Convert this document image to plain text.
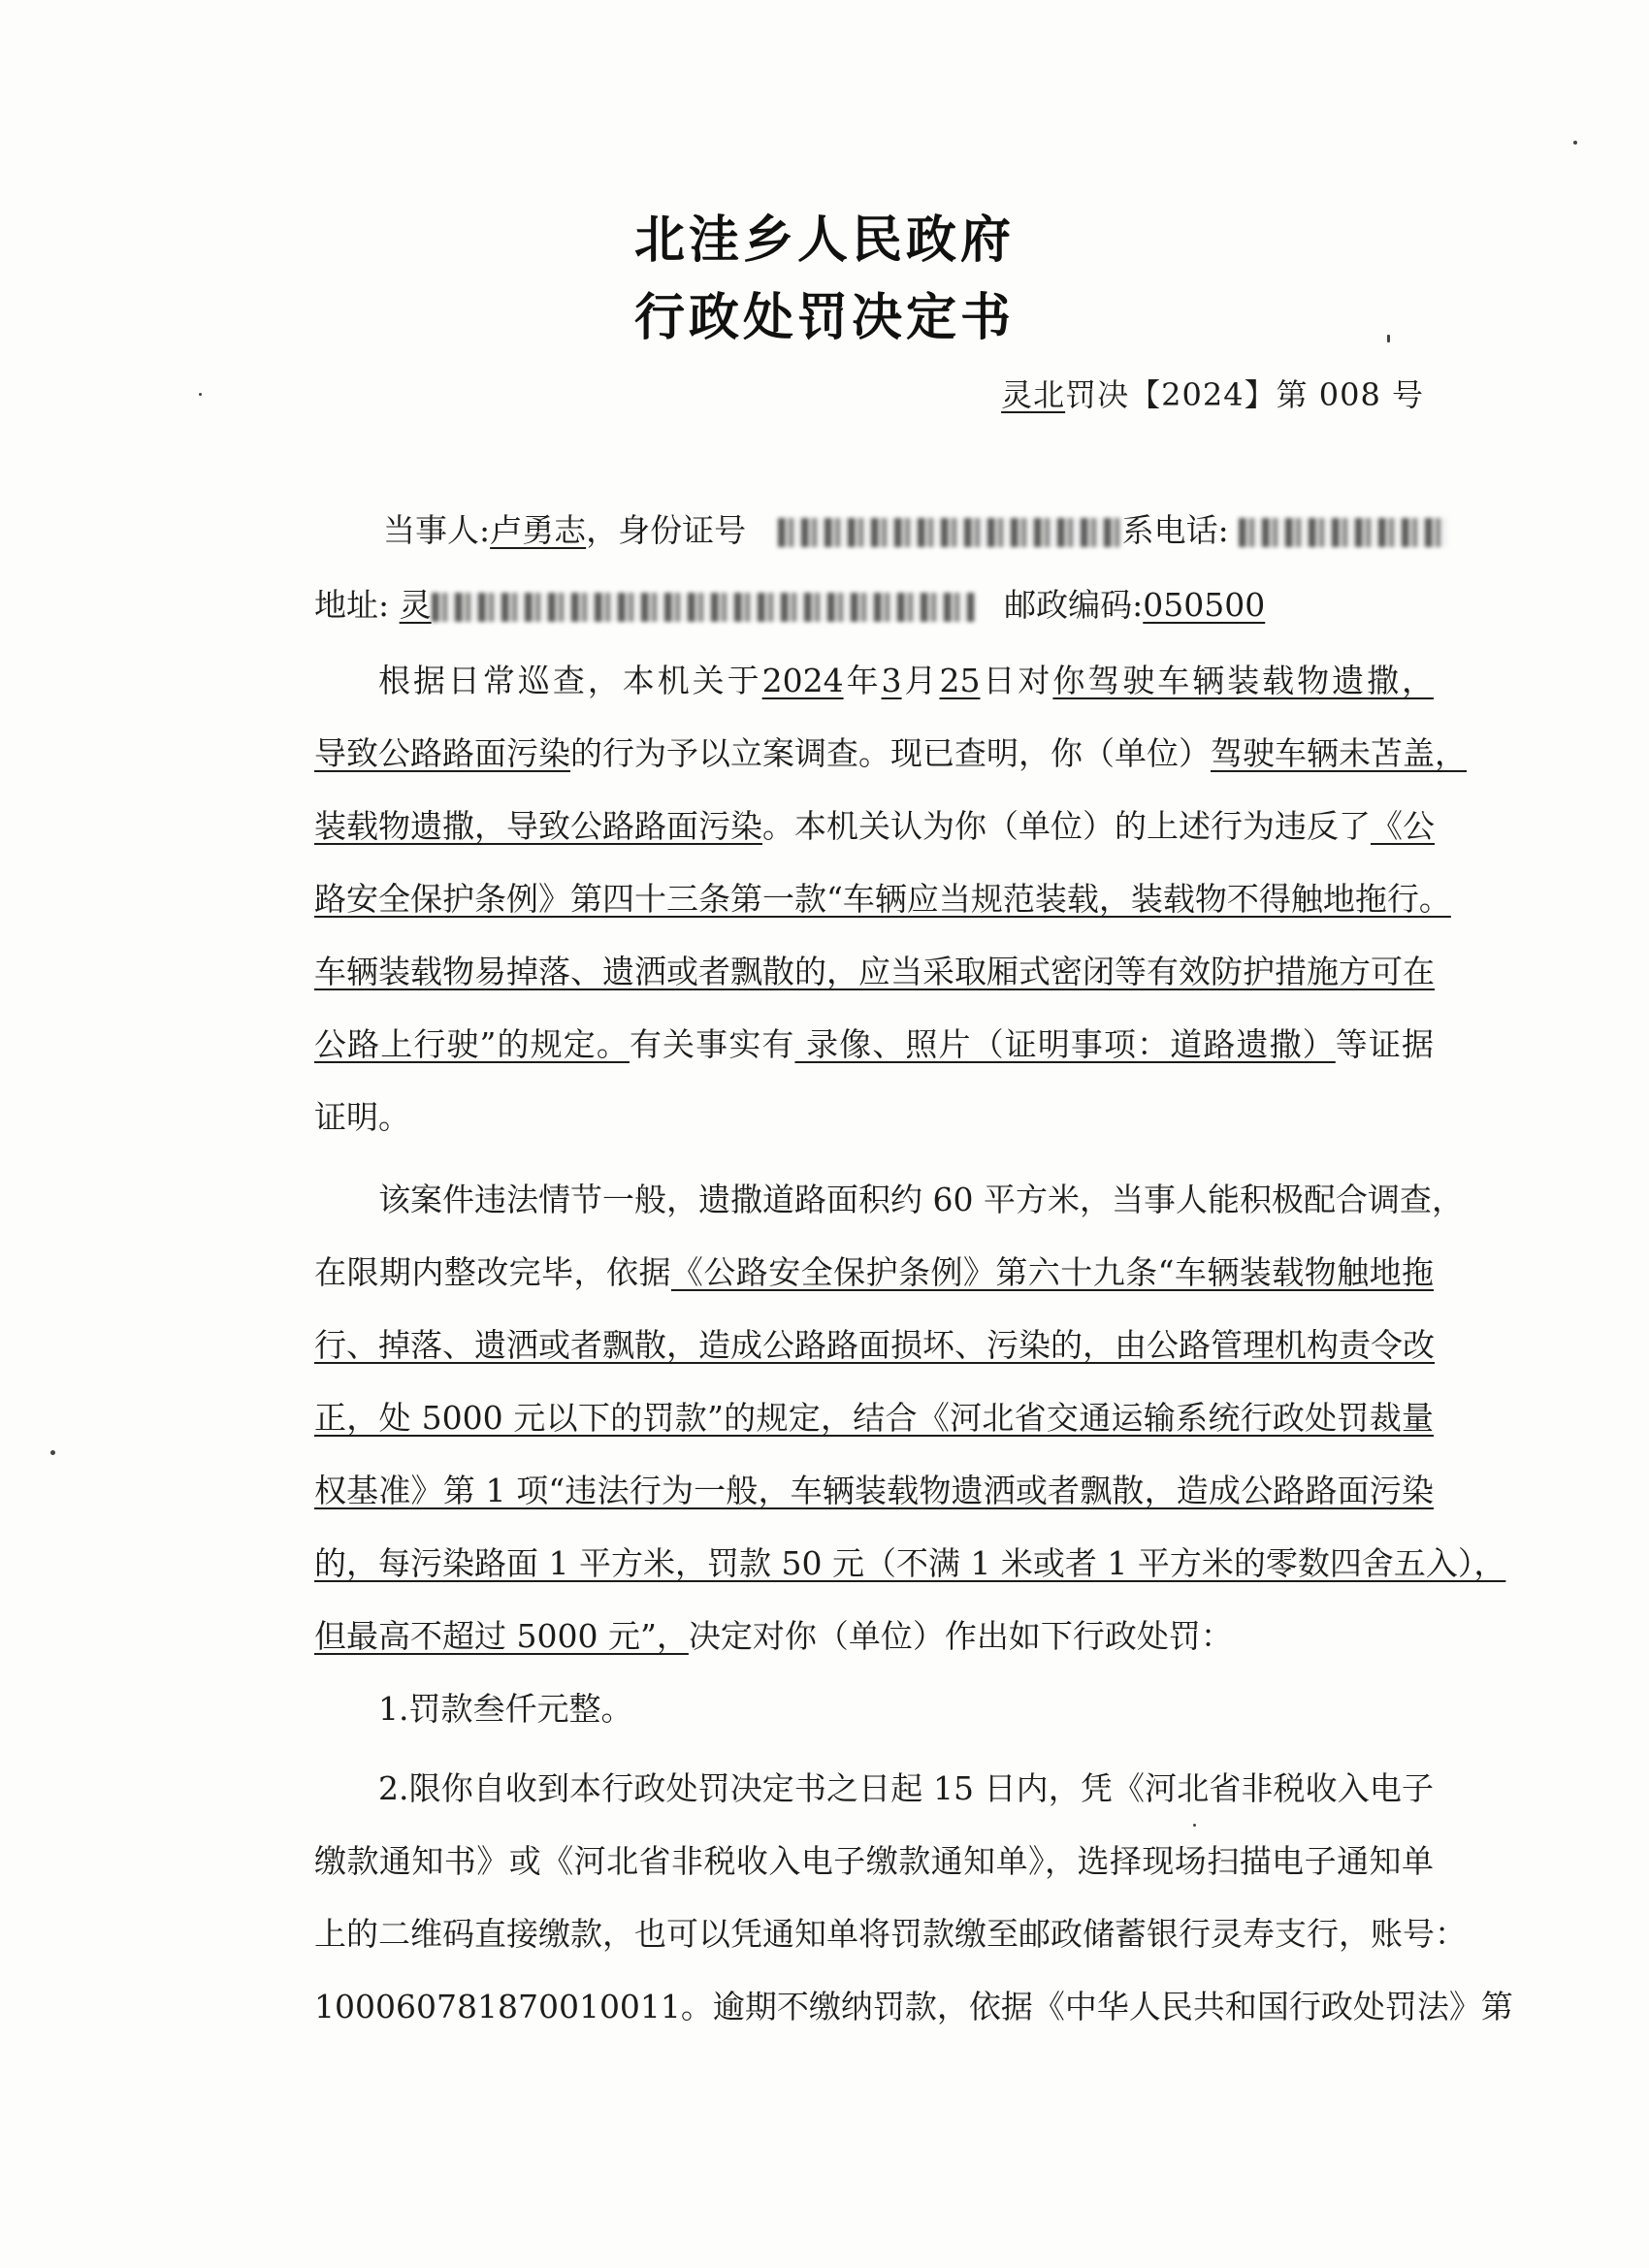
北洼乡人民政府
行政处罚决定书
灵北罚决【2024】第 008 号
当事人:卢勇志，身份证号	系电话:
地址: 灵	邮政编码:050500
根据日常巡查，本机关于2024年3月25日对你驾驶车辆装载物遗撒，
导致公路路面污染的行为予以立案调查。现已查明，你（单位）驾驶车辆未苫盖，
装载物遗撒，导致公路路面污染。本机关认为你（单位）的上述行为违反了《公
路安全保护条例》第四十三条第一款“车辆应当规范装载，装载物不得触地拖行。
车辆装载物易掉落、遗洒或者飘散的，应当采取厢式密闭等有效防护措施方可在
公路上行驶”的规定。有关事实有 录像、照片（证明事项：道路遗撒）等证据
证明。
该案件违法情节一般，遗撒道路面积约 60 平方米，当事人能积极配合调查，
在限期内整改完毕，依据《公路安全保护条例》第六十九条“车辆装载物触地拖
行、掉落、遗洒或者飘散，造成公路路面损坏、污染的，由公路管理机构责令改
正，处 5000 元以下的罚款”的规定，结合《河北省交通运输系统行政处罚裁量
权基准》第 1 项“违法行为一般，车辆装载物遗洒或者飘散，造成公路路面污染
的，每污染路面 1 平方米，罚款 50 元（不满 1 米或者 1 平方米的零数四舍五入），
但最高不超过 5000 元”，决定对你（单位）作出如下行政处罚：
1.罚款叁仟元整。
2.限你自收到本行政处罚决定书之日起 15 日内，凭《河北省非税收入电子
缴款通知书》或《河北省非税收入电子缴款通知单》，选择现场扫描电子通知单
上的二维码直接缴款，也可以凭通知单将罚款缴至邮政储蓄银行灵寿支行，账号：
100060781870010011。逾期不缴纳罚款，依据《中华人民共和国行政处罚法》第
